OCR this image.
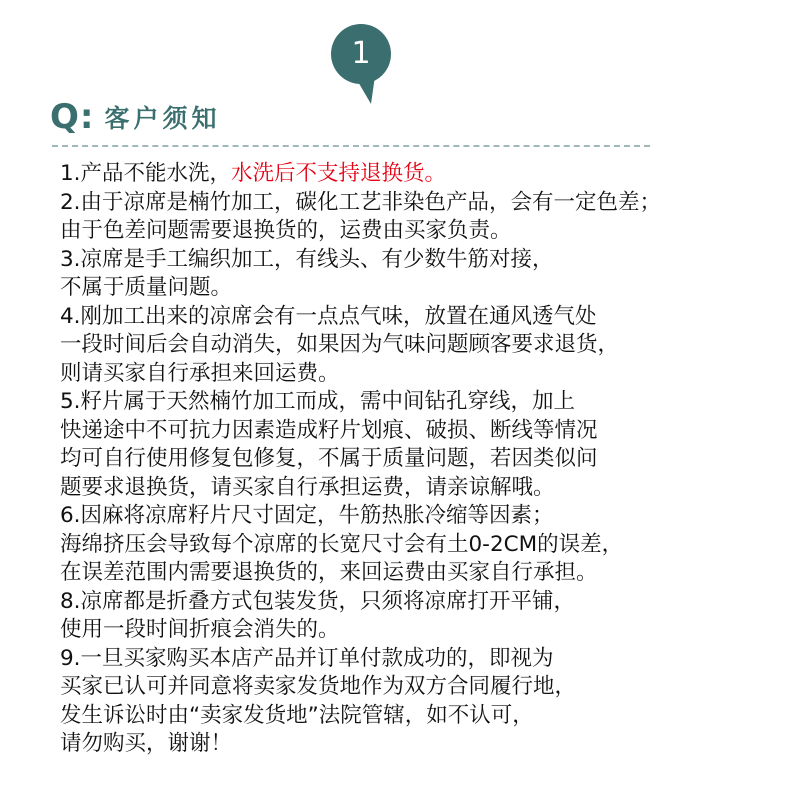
1
Q: 客户须知
1.产品不能水洗，水洗后不支持退换货。
2.由于凉席是楠竹加工，碳化工艺非染色产品，会有一定色差；
由于色差问题需要退换货的，运费由买家负责。
3.凉席是手工编织加工，有线头、有少数牛筋对接，
不属于质量问题。
4.刚加工出来的凉席会有一点点气味，放置在通风透气处
一段时间后会自动消失，如果因为气味问题顾客要求退货，
则请买家自行承担来回运费。
5.籽片属于天然楠竹加工而成，需中间钻孔穿线，加上
快递途中不可抗力因素造成籽片划痕、破损、断线等情况
均可自行使用修复包修复，不属于质量问题，若因类似问
题要求退换货，请买家自行承担运费，请亲谅解哦。
6.因麻将凉席籽片尺寸固定，牛筋热胀冷缩等因素；
海绵挤压会导致每个凉席的长宽尺寸会有土0-2CM的误差，
在误差范围内需要退换货的，来回运费由买家自行承担。
8.凉席都是折叠方式包装发货，只须将凉席打开平铺，
使用一段时间折痕会消失的。
9.一旦买家购买本店产品并订单付款成功的，即视为
买家已认可并同意将卖家发货地作为双方合同履行地，
发生诉讼时由“卖家发货地”法院管辖，如不认可，
请勿购买，谢谢！
